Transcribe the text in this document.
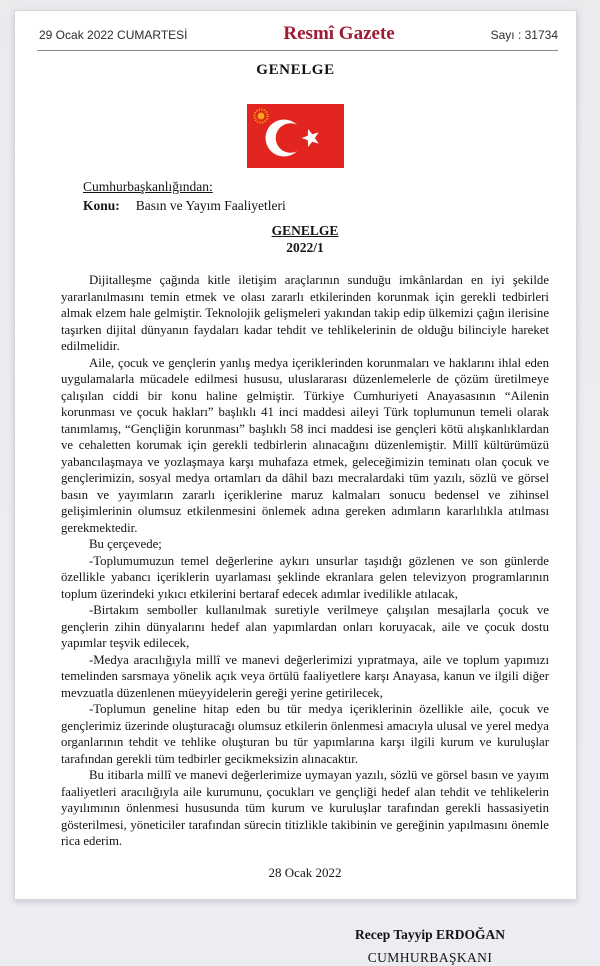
29 Ocak 2022 CUMARTESİ	Resmî Gazete	Sayı : 31734
GENELGE

Cumhurbaşkanlığından:

Konu: Basın ve Yayım Faaliyetleri

GENELGE
2022/1

Dijitalleşme çağında kitle iletişim araçlarının sunduğu imkânlardan en iyi şekilde yararlanılmasını temin etmek ve olası zararlı etkilerinden korunmak için gerekli tedbirleri almak elzem hale gelmiştir. Teknolojik gelişmeleri yakından takip edip ülkemizi çağın ilerisine taşırken dijital dünyanın faydaları kadar tehdit ve tehlikelerinin de olduğu bilinciyle hareket edilmelidir.

Aile, çocuk ve gençlerin yanlış medya içeriklerinden korunmaları ve haklarını ihlal eden uygulamalarla mücadele edilmesi hususu, uluslararası düzenlemelerle de çözüm üretilmeye çalışılan ciddi bir konu haline gelmiştir. Türkiye Cumhuriyeti Anayasasının “Ailenin korunması ve çocuk hakları” başlıklı 41 inci maddesi aileyi Türk toplumunun temeli olarak tanımlamış, “Gençliğin korunması” başlıklı 58 inci maddesi ise gençleri kötü alışkanlıklardan ve cehaletten korumak için gerekli tedbirlerin alınacağını düzenlemiştir. Millî kültürümüzü yabancılaşmaya ve yozlaşmaya karşı muhafaza etmek, geleceğimizin teminatı olan çocuk ve gençlerimizin, sosyal medya ortamları da dâhil bazı mecralardaki tüm yazılı, sözlü ve görsel basın ve yayımların zararlı içeriklerine maruz kalmaları sonucu bedensel ve zihinsel gelişimlerinin olumsuz etkilenmesini önlemek adına gereken adımların kararlılıkla atılması gerekmektedir.

Bu çerçevede;

-Toplumumuzun temel değerlerine aykırı unsurlar taşıdığı gözlenen ve son günlerde özellikle yabancı içeriklerin uyarlaması şeklinde ekranlara gelen televizyon programlarının toplum üzerindeki yıkıcı etkilerini bertaraf edecek adımlar ivedilikle atılacak,

-Birtakım semboller kullanılmak suretiyle verilmeye çalışılan mesajlarla çocuk ve gençlerin zihin dünyalarını hedef alan yapımlardan onları koruyacak, aile ve çocuk dostu yapımlar teşvik edilecek,

-Medya aracılığıyla millî ve manevi değerlerimizi yıpratmaya, aile ve toplum yapımızı temelinden sarsmaya yönelik açık veya örtülü faaliyetlere karşı Anayasa, kanun ve ilgili diğer mevzuatla düzenlenen müeyyidelerin gereği yerine getirilecek,

-Toplumun geneline hitap eden bu tür medya içeriklerinin özellikle aile, çocuk ve gençlerimiz üzerinde oluşturacağı olumsuz etkilerin önlenmesi amacıyla ulusal ve yerel medya organlarının tehdit ve tehlike oluşturan bu tür yapımlarına karşı ilgili kurum ve kuruluşlar tarafından gerekli tüm tedbirler gecikmeksizin alınacaktır.

Bu itibarla millî ve manevi değerlerimize uymayan yazılı, sözlü ve görsel basın ve yayım faaliyetleri aracılığıyla aile kurumunu, çocukları ve gençliği hedef alan tehdit ve tehlikelerin yayılımının önlenmesi hususunda tüm kurum ve kuruluşlar tarafından gerekli hassasiyetin gösterilmesi, yöneticiler tarafından sürecin titizlikle takibinin ve gereğinin yapılmasını önemle rica ederim.

28 Ocak 2022

Recep Tayyip ERDOĞAN
CUMHURBAŞKANI
